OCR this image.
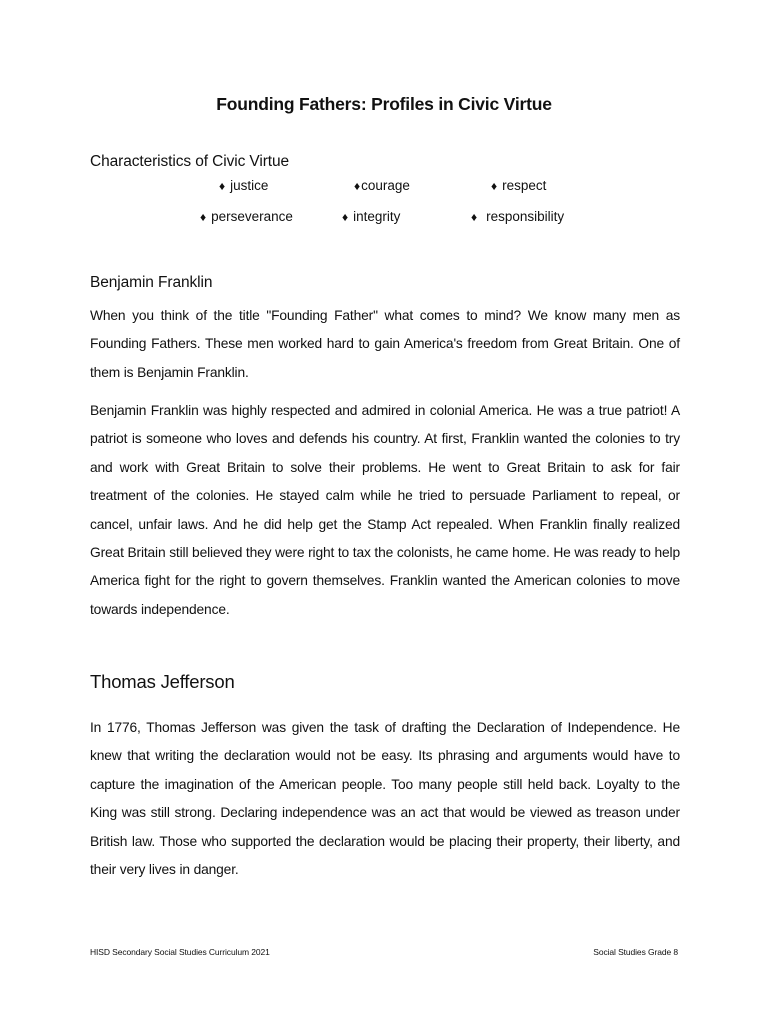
Founding Fathers: Profiles in Civic Virtue
Characteristics of Civic Virtue
♦ justice	♦courage	♦ respect
♦ perseverance	♦ integrity	♦ responsibility
Benjamin Franklin

When you think of the title "Founding Father" what comes to mind? We know many men as Founding Fathers. These men worked hard to gain America's freedom from Great Britain. One of them is Benjamin Franklin.

Benjamin Franklin was highly respected and admired in colonial America. He was a true patriot! A patriot is someone who loves and defends his country. At first, Franklin wanted the colonies to try and work with Great Britain to solve their problems. He went to Great Britain to ask for fair treatment of the colonies. He stayed calm while he tried to persuade Parliament to repeal, or cancel, unfair laws. And he did help get the Stamp Act repealed. When Franklin finally realized Great Britain still believed they were right to tax the colonists, he came home. He was ready to help America fight for the right to govern themselves. Franklin wanted the American colonies to move towards independence.

Thomas Jefferson

In 1776, Thomas Jefferson was given the task of drafting the Declaration of Independence. He knew that writing the declaration would not be easy. Its phrasing and arguments would have to capture the imagination of the American people. Too many people still held back. Loyalty to the King was still strong. Declaring independence was an act that would be viewed as treason under British law. Those who supported the declaration would be placing their property, their liberty, and their very lives in danger.

HISD Secondary Social Studies Curriculum 2021	Social Studies Grade 8
